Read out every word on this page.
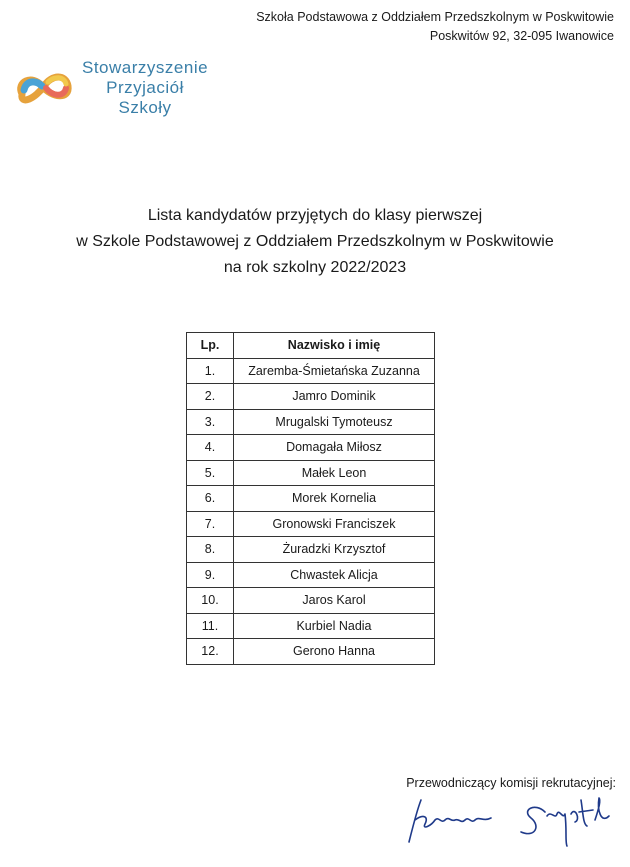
Szkoła Podstawowa z Oddziałem Przedszkolnym w Poskwitowie
Poskwitów 92, 32-095 Iwanowice
Stowarzyszenie
Przyjaciół
Szkoły
Lista kandydatów przyjętych do klasy pierwszej
w Szkole Podstawowej z Oddziałem Przedszkolnym w Poskwitowie
na rok szkolny 2022/2023
Lp.	Nazwisko i imię
1.	Zaremba-Śmietańska Zuzanna
2.	Jamro Dominik
3.	Mrugalski Tymoteusz
4.	Domagała Miłosz
5.	Małek Leon
6.	Morek Kornelia
7.	Gronowski Franciszek
8.	Żuradzki Krzysztof
9.	Chwastek Alicja
10.	Jaros Karol
11.	Kurbiel Nadia
12.	Gerono Hanna
Przewodniczący komisji rekrutacyjnej:
